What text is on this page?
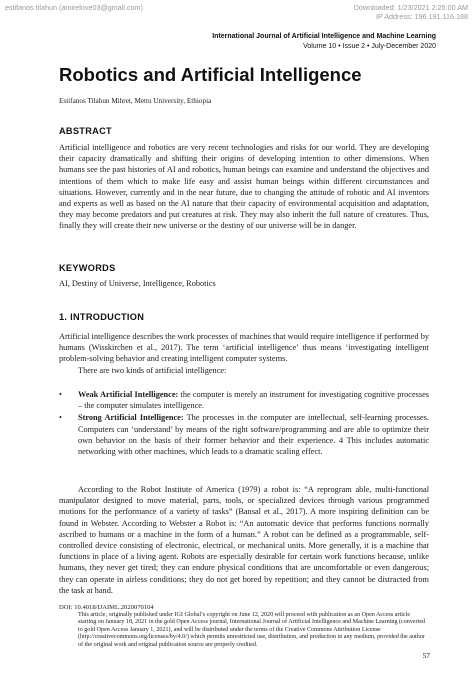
estifanos tilahun (amirelove03@gmail.com)	Downloaded: 1/23/2021 2:25:00 AM
IP Address: 196.191.116.188
International Journal of Artificial Intelligence and Machine Learning
Volume 10 • Issue 2 • July-December 2020
Robotics and Artificial Intelligence
Estifanos Tilahun Mihret, Mettu University, Ethiopia
ABSTRACT
Artificial intelligence and robotics are very recent technologies and risks for our world. They are developing their capacity dramatically and shifting their origins of developing intention to other dimensions. When humans see the past histories of AI and robotics, human beings can examine and understand the objectives and intentions of them which to make life easy and assist human beings within different circumstances and situations. However, currently and in the near future, due to changing the attitude of robotic and AI inventors and experts as well as based on the AI nature that their capacity of environmental acquisition and adaptation, they may become predators and put creatures at risk. They may also inherit the full nature of creatures. Thus, finally they will create their new universe or the destiny of our universe will be in danger.
KEYWORDS
AI, Destiny of Universe, Intelligence, Robotics
1. INTRODUCTION
Artificial intelligence describes the work processes of machines that would require intelligence if performed by humans (Wisskirchen et al., 2017). The term ‘artificial intelligence’ thus means ‘investigating intelligent problem-solving behavior and creating intelligent computer systems.
There are two kinds of artificial intelligence:
• Weak Artificial Intelligence: the computer is merely an instrument for investigating cognitive processes – the computer simulates intelligence.
• Strong Artificial Intelligence: The processes in the computer are intellectual, self-learning processes. Computers can ‘understand’ by means of the right software/programming and are able to optimize their own behavior on the basis of their former behavior and their experience. 4 This includes automatic networking with other machines, which leads to a dramatic scaling effect.
According to the Robot Institute of America (1979) a robot is: “A reprogram able, multi-functional manipulator designed to move material, parts, tools, or specialized devices through various programmed motions for the performance of a variety of tasks” (Bansal et al., 2017). A more inspiring definition can be found in Webster. According to Webster a Robot is: “An automatic device that performs functions normally ascribed to humans or a machine in the form of a human.” A robot can be defined as a programmable, self-controlled device consisting of electronic, electrical, or mechanical units. More generally, it is a machine that functions in place of a living agent. Robots are especially desirable for certain work functions because, unlike humans, they never get tired; they can endure physical conditions that are uncomfortable or even dangerous; they can operate in airless conditions; they do not get bored by repetition; and they cannot be distracted from the task at hand.
DOI: 10.4018/IJAIML.2020070104
This article, originally published under IGI Global’s copyright on June 12, 2020 will proceed with publication as an Open Access article starting on January 18, 2021 in the gold Open Access journal, International Journal of Artificial Intelligence and Machine Learning (converted to gold Open Access January 1, 2021), and will be distributed under the terms of the Creative Commons Attribution License (http://creativecommons.org/licenses/by/4.0/) which permits unrestricted use, distribution, and production in any medium, provided the author of the original work and original publication source are properly credited.
57
